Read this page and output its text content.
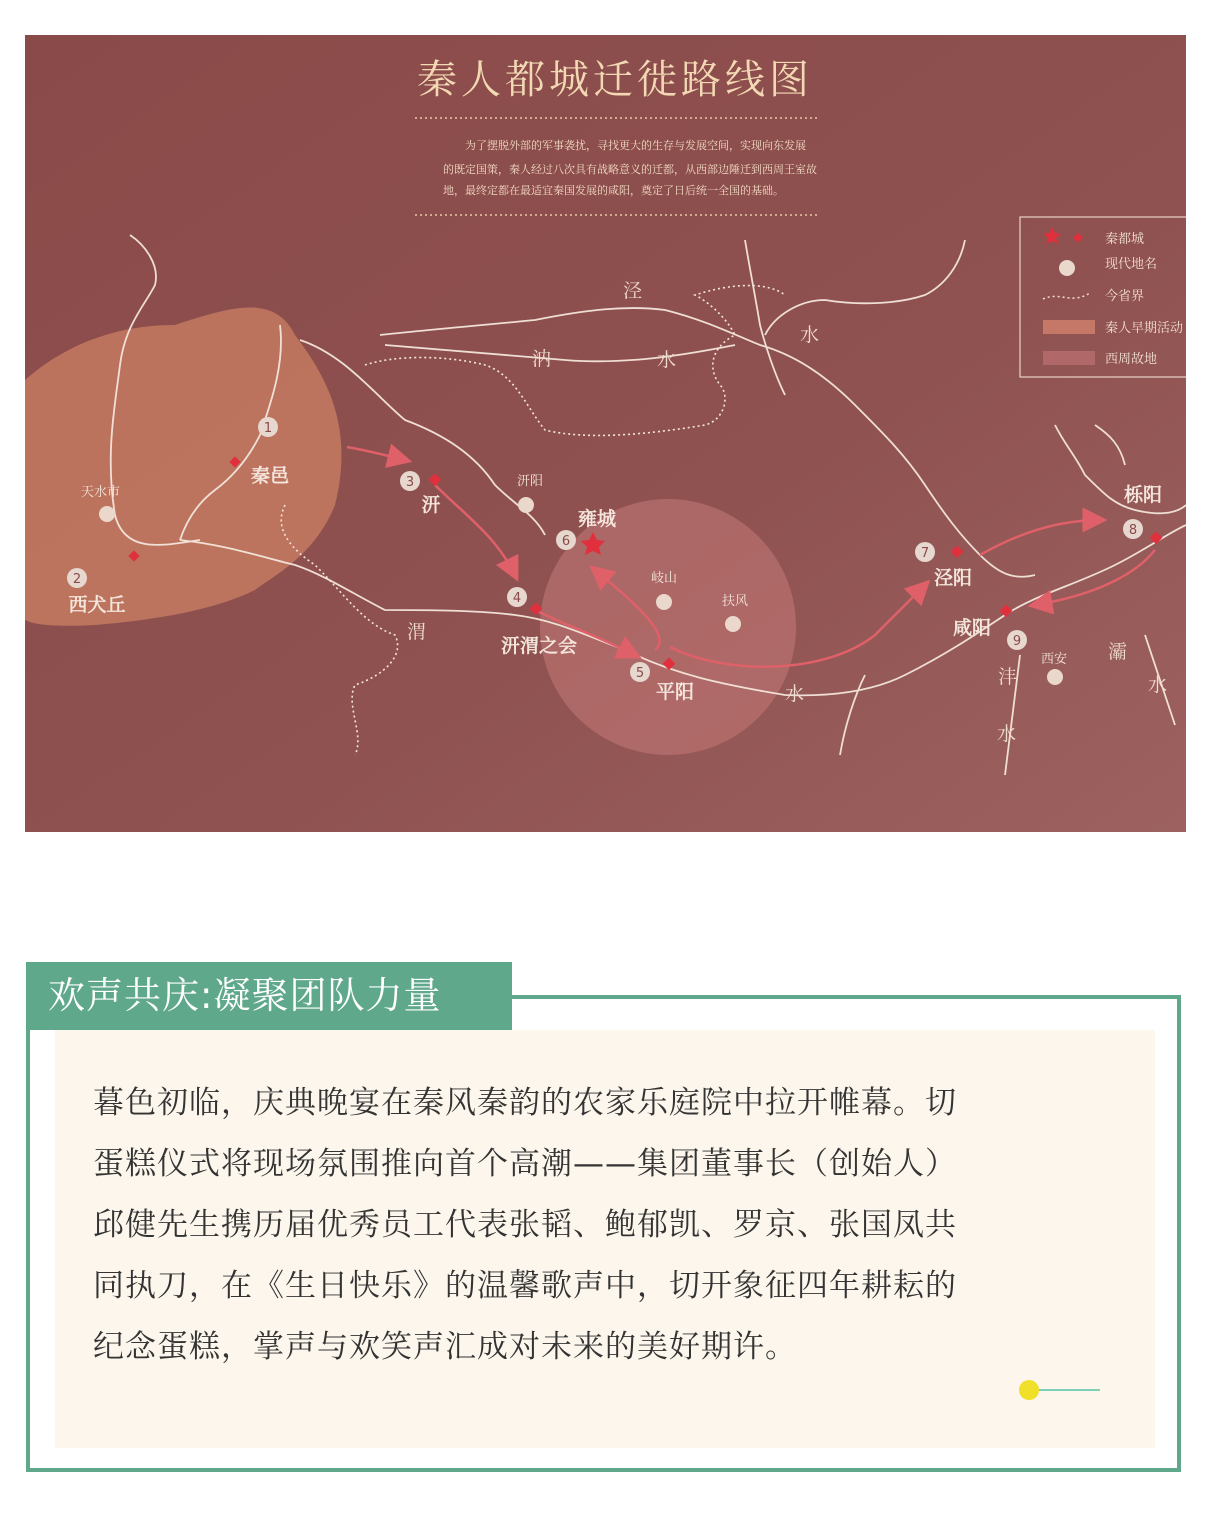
秦人都城迁徙路线图
为了摆脱外部的军事袭扰，寻找更大的生存与发展空间，实现向东发展
的既定国策，秦人经过八次具有战略意义的迁都，从西部边陲迁到西周王室故
地，最终定都在最适宜秦国发展的咸阳，奠定了日后统一全国的基础。
秦都城
现代地名
今省界
秦人早期活动
西周故地
1
秦邑
2
西犬丘
3
汧
4
汧渭之会
5
平阳
6
雍城
7
泾阳
8
栎阳
9
咸阳
天水市
汧阳
岐山
扶风
西安
泾
水
汭	水
渭
水
沣
水
灞
水
欢声共庆:凝聚团队力量
暮色初临，庆典晚宴在秦风秦韵的农家乐庭院中拉开帷幕。切
蛋糕仪式将现场氛围推向首个高潮——集团董事长（创始人）
邱健先生携历届优秀员工代表张韬、鲍郁凯、罗京、张国凤共
同执刀，在《生日快乐》的温馨歌声中，切开象征四年耕耘的
纪念蛋糕，掌声与欢笑声汇成对未来的美好期许。
